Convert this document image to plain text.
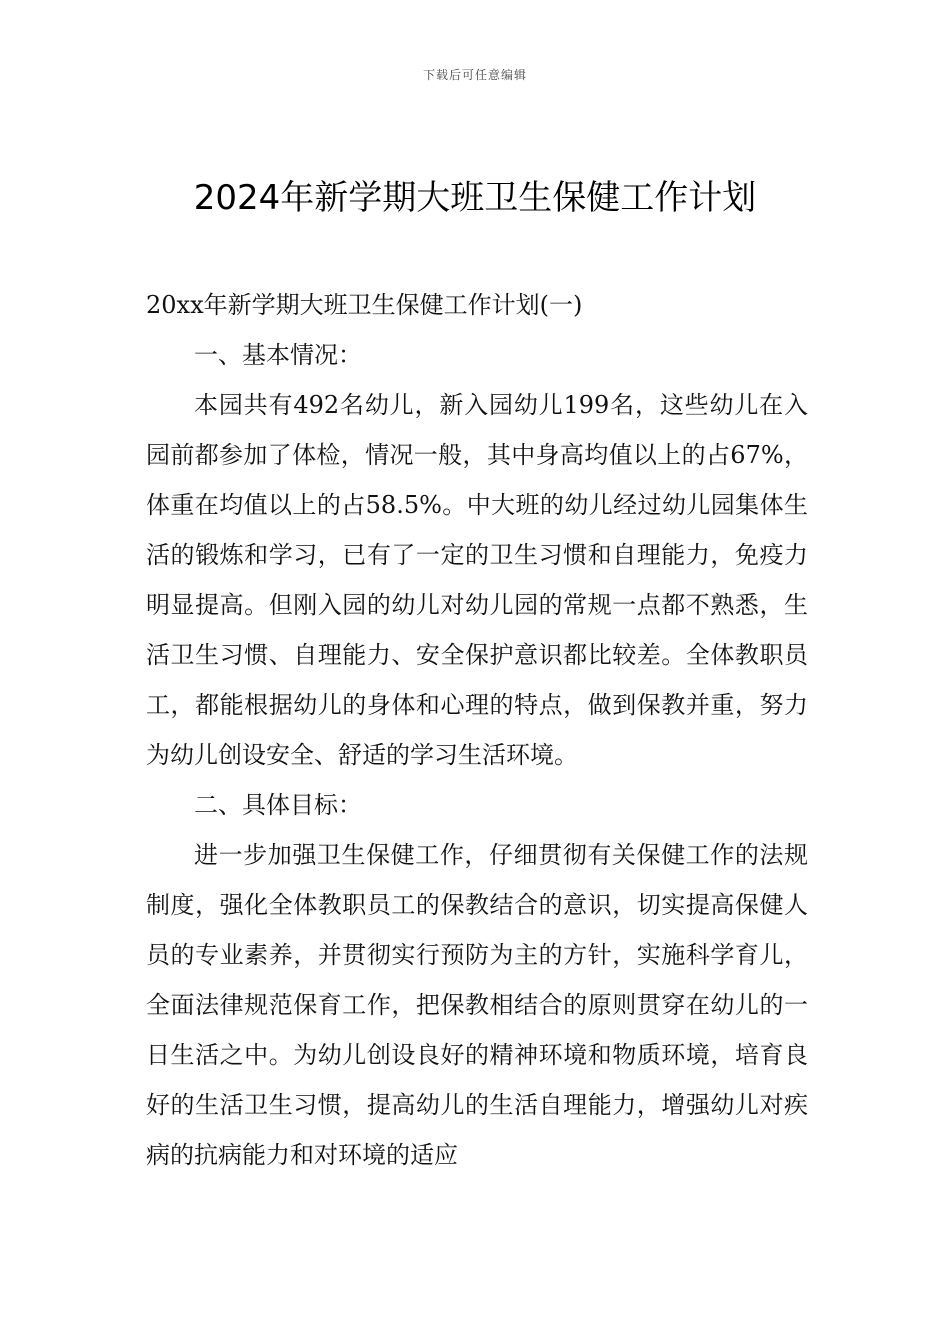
下载后可任意编辑
2024年新学期大班卫生保健工作计划

20xx年新学期大班卫生保健工作计划(一)

一、基本情况：

本园共有492名幼儿，新入园幼儿199名，这些幼儿在入园前都参加了体检，情况一般，其中身高均值以上的占67%，体重在均值以上的占58.5%。中大班的幼儿经过幼儿园集体生活的锻炼和学习，已有了一定的卫生习惯和自理能力，免疫力明显提高。但刚入园的幼儿对幼儿园的常规一点都不熟悉，生活卫生习惯、自理能力、安全保护意识都比较差。全体教职员工，都能根据幼儿的身体和心理的特点，做到保教并重，努力为幼儿创设安全、舒适的学习生活环境。

二、具体目标：

进一步加强卫生保健工作，仔细贯彻有关保健工作的法规制度，强化全体教职员工的保教结合的意识，切实提高保健人员的专业素养，并贯彻实行预防为主的方针，实施科学育儿，全面法律规范保育工作，把保教相结合的原则贯穿在幼儿的一日生活之中。为幼儿创设良好的精神环境和物质环境，培育良好的生活卫生习惯，提高幼儿的生活自理能力，增强幼儿对疾病的抗病能力和对环境的适应
